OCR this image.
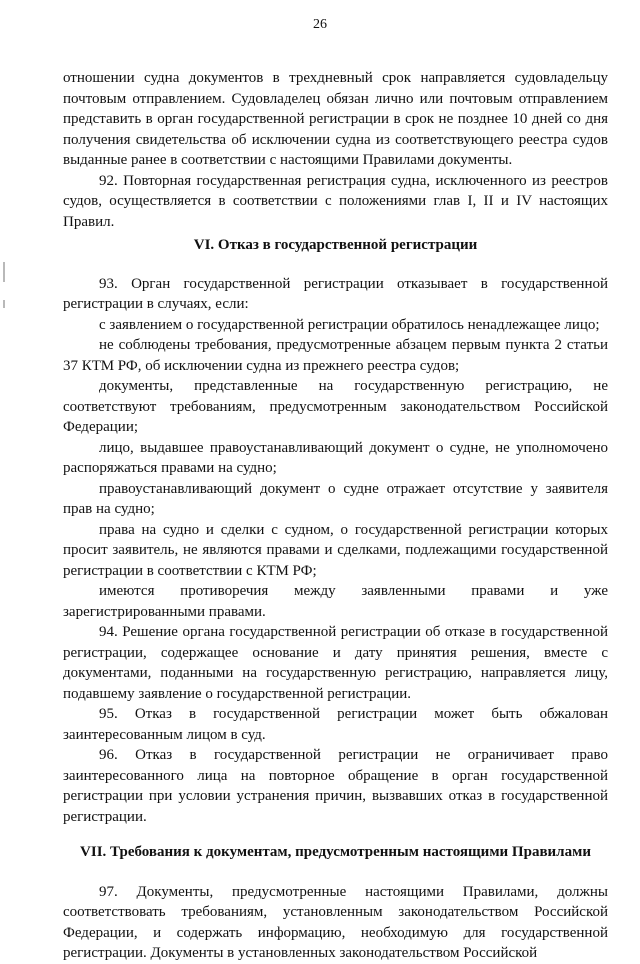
26

отношении судна документов в трехдневный срок направляется судовладельцу почтовым отправлением. Судовладелец обязан лично или почтовым отправлением представить в орган государственной регистрации в срок не позднее 10 дней со дня получения свидетельства об исключении судна из соответствующего реестра судов выданные ранее в соответствии с настоящими Правилами документы.

92. Повторная государственная регистрация судна, исключенного из реестров судов, осуществляется в соответствии с положениями глав I, II и IV настоящих Правил.

VI. Отказ в государственной регистрации

93. Орган государственной регистрации отказывает в государственной регистрации в случаях, если:

с заявлением о государственной регистрации обратилось ненадлежащее лицо;

не соблюдены требования, предусмотренные абзацем первым пункта 2 статьи 37 КТМ РФ, об исключении судна из прежнего реестра судов;

документы, представленные на государственную регистрацию, не соответствуют требованиям, предусмотренным законодательством Российской Федерации;

лицо, выдавшее правоустанавливающий документ о судне, не уполномочено распоряжаться правами на судно;

правоустанавливающий документ о судне отражает отсутствие у заявителя прав на судно;

права на судно и сделки с судном, о государственной регистрации которых просит заявитель, не являются правами и сделками, подлежащими государственной регистрации в соответствии с КТМ РФ;

имеются противоречия между заявленными правами и уже зарегистрированными правами.

94. Решение органа государственной регистрации об отказе в государственной регистрации, содержащее основание и дату принятия решения, вместе с документами, поданными на государственную регистрацию, направляется лицу, подавшему заявление о государственной регистрации.

95. Отказ в государственной регистрации может быть обжалован заинтересованным лицом в суд.

96. Отказ в государственной регистрации не ограничивает право заинтересованного лица на повторное обращение в орган государственной регистрации при условии устранения причин, вызвавших отказ в государственной регистрации.

VII. Требования к документам, предусмотренным настоящими Правилами

97. Документы, предусмотренные настоящими Правилами, должны соответствовать требованиям, установленным законодательством Российской Федерации, и содержать информацию, необходимую для государственной регистрации. Документы в установленных законодательством Российской
